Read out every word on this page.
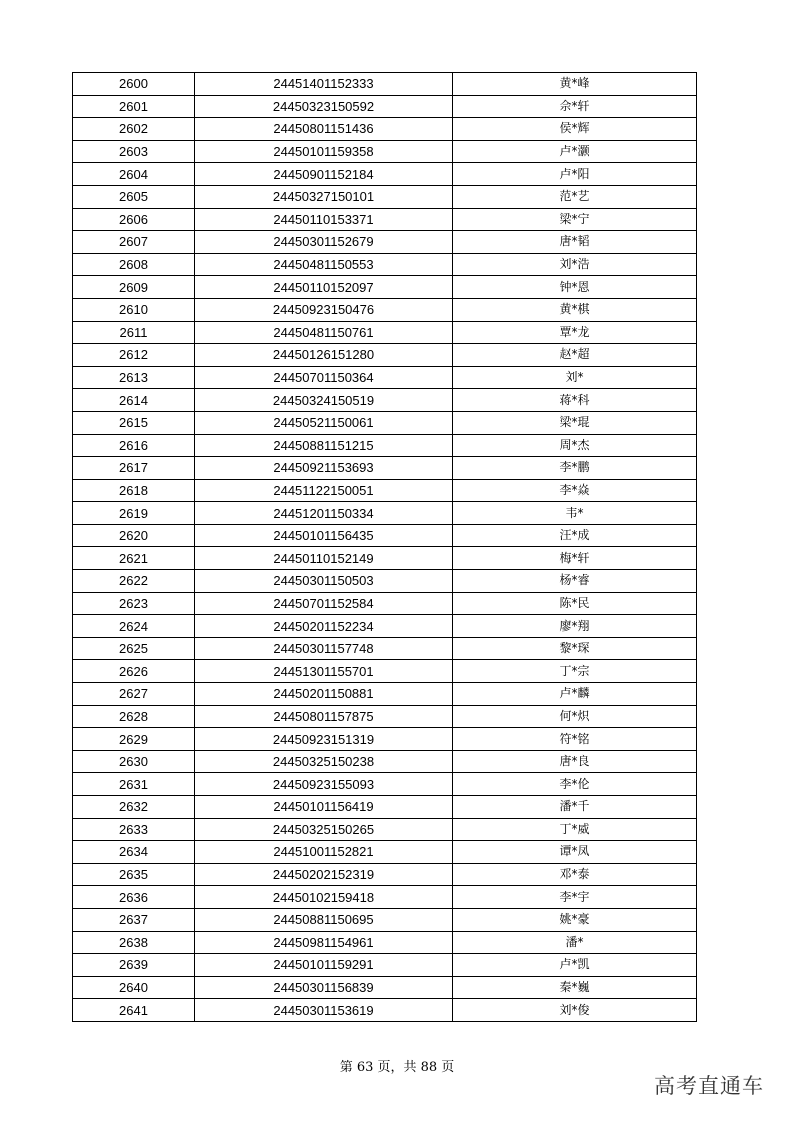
2600	24451401152333	黄*峰
2601	24450323150592	佘*轩
2602	24450801151436	侯*辉
2603	24450101159358	卢*灏
2604	24450901152184	卢*阳
2605	24450327150101	范*艺
2606	24450110153371	梁*宁
2607	24450301152679	唐*韬
2608	24450481150553	刘*浩
2609	24450110152097	钟*恩
2610	24450923150476	黄*棋
2611	24450481150761	覃*龙
2612	24450126151280	赵*超
2613	24450701150364	刘*
2614	24450324150519	蒋*科
2615	24450521150061	梁*琨
2616	24450881151215	周*杰
2617	24450921153693	李*鹏
2618	24451122150051	李*焱
2619	24451201150334	韦*
2620	24450101156435	汪*成
2621	24450110152149	梅*轩
2622	24450301150503	杨*睿
2623	24450701152584	陈*民
2624	24450201152234	廖*翔
2625	24450301157748	黎*琛
2626	24451301155701	丁*宗
2627	24450201150881	卢*麟
2628	24450801157875	何*炽
2629	24450923151319	符*铭
2630	24450325150238	唐*良
2631	24450923155093	李*伦
2632	24450101156419	潘*千
2633	24450325150265	丁*威
2634	24451001152821	谭*凤
2635	24450202152319	邓*泰
2636	24450102159418	李*宇
2637	24450881150695	姚*豪
2638	24450981154961	潘*
2639	24450101159291	卢*凯
2640	24450301156839	秦*巍
2641	24450301153619	刘*俊
第 63 页，共 88 页
高考直通车
